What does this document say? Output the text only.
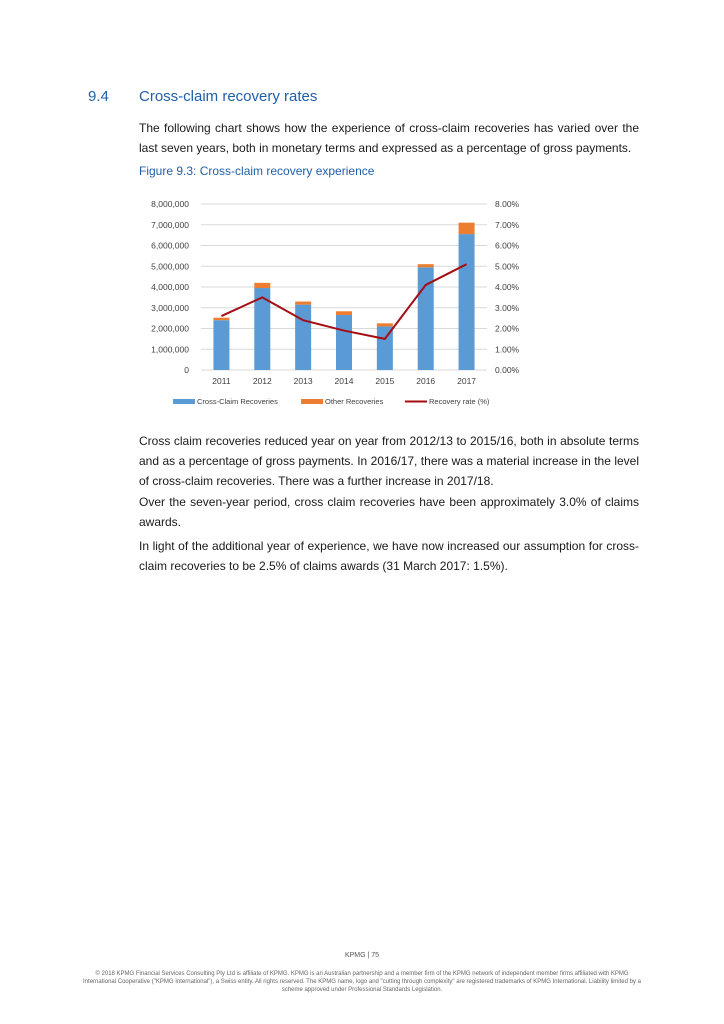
9.4 Cross-claim recovery rates

The following chart shows how the experience of cross-claim recoveries has varied over the last seven years, both in monetary terms and expressed as a percentage of gross payments.

Figure 9.3: Cross-claim recovery experience
0	0.00%
1,000,000	1.00%
2,000,000	2.00%
3,000,000	3.00%
4,000,000	4.00%
5,000,000	5.00%
6,000,000	6.00%
7,000,000	7.00%
8,000,000	8.00%
2011	2012	2013	2014	2015	2016	2017
Cross-Claim Recoveries	Other Recoveries	Recovery rate (%)

Cross claim recoveries reduced year on year from 2012/13 to 2015/16, both in absolute terms and as a percentage of gross payments. In 2016/17, there was a material increase in the level of cross-claim recoveries. There was a further increase in 2017/18.

Over the seven-year period, cross claim recoveries have been approximately 3.0% of claims awards.

In light of the additional year of experience, we have now increased our assumption for cross-claim recoveries to be 2.5% of claims awards (31 March 2017: 1.5%).

KPMG | 75
© 2018 KPMG Financial Services Consulting Pty Ltd is affiliate of KPMG. KPMG is an Australian partnership and a member firm of the KPMG network of independent member firms affiliated with KPMG International Cooperative ("KPMG International"), a Swiss entity. All rights reserved. The KPMG name, logo and "cutting through complexity" are registered trademarks of KPMG International. Liability limited by a scheme approved under Professional Standards Legislation.
